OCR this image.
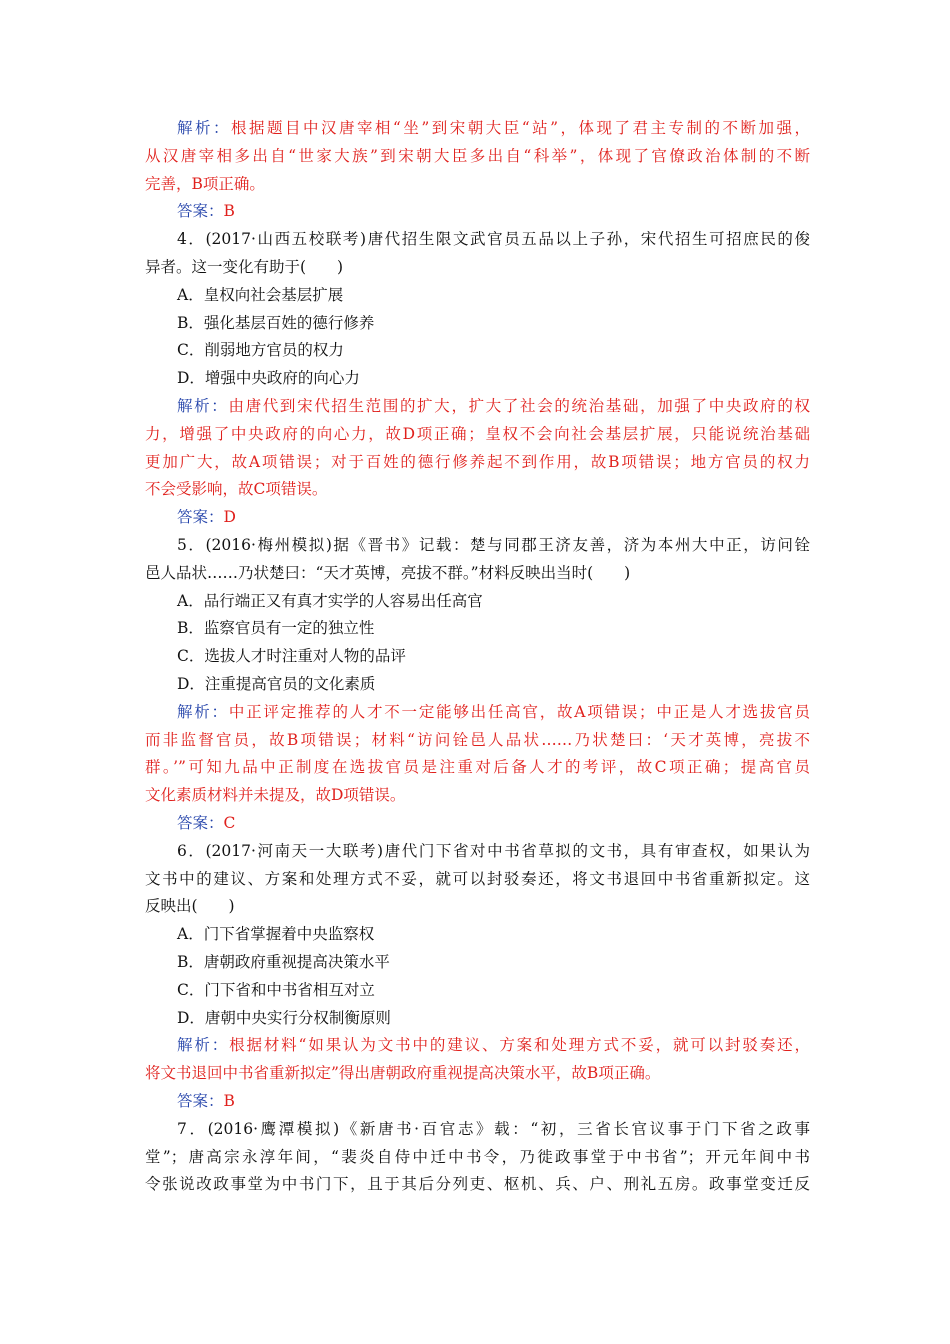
解析：根据题目中汉唐宰相“坐”到宋朝大臣“站”，体现了君主专制的不断加强，
从汉唐宰相多出自“世家大族”到宋朝大臣多出自“科举”，体现了官僚政治体制的不断
完善，B项正确。
答案：B
4．(2017·山西五校联考)唐代招生限文武官员五品以上子孙，宋代招生可招庶民的俊
异者。这一变化有助于(　　)
A．皇权向社会基层扩展
B．强化基层百姓的德行修养
C．削弱地方官员的权力
D．增强中央政府的向心力
解析：由唐代到宋代招生范围的扩大，扩大了社会的统治基础，加强了中央政府的权
力，增强了中央政府的向心力，故D项正确；皇权不会向社会基层扩展，只能说统治基础
更加广大，故A项错误；对于百姓的德行修养起不到作用，故B项错误；地方官员的权力
不会受影响，故C项错误。
答案：D
5．(2016·梅州模拟)据《晋书》记载：楚与同郡王济友善，济为本州大中正，访问铨
邑人品状……乃状楚曰：“天才英博，亮拔不群。”材料反映出当时(　　)
A．品行端正又有真才实学的人容易出任高官
B．监察官员有一定的独立性
C．选拔人才时注重对人物的品评
D．注重提高官员的文化素质
解析：中正评定推荐的人才不一定能够出任高官，故A项错误；中正是人才选拔官员
而非监督官员，故B项错误；材料“访问铨邑人品状……乃状楚曰：‘天才英博，亮拔不
群。’”可知九品中正制度在选拔官员是注重对后备人才的考评，故C项正确；提高官员
文化素质材料并未提及，故D项错误。
答案：C
6．(2017·河南天一大联考)唐代门下省对中书省草拟的文书，具有审查权，如果认为
文书中的建议、方案和处理方式不妥，就可以封驳奏还，将文书退回中书省重新拟定。这
反映出(　　)
A．门下省掌握着中央监察权
B．唐朝政府重视提高决策水平
C．门下省和中书省相互对立
D．唐朝中央实行分权制衡原则
解析：根据材料“如果认为文书中的建议、方案和处理方式不妥，就可以封驳奏还，
将文书退回中书省重新拟定”得出唐朝政府重视提高决策水平，故B项正确。
答案：B
7．(2016·鹰潭模拟)《新唐书·百官志》载：“初，三省长官议事于门下省之政事
堂”；唐高宗永淳年间，“裴炎自侍中迁中书令，乃徙政事堂于中书省”；开元年间中书
令张说改政事堂为中书门下，且于其后分列吏、枢机、兵、户、刑礼五房。政事堂变迁反
